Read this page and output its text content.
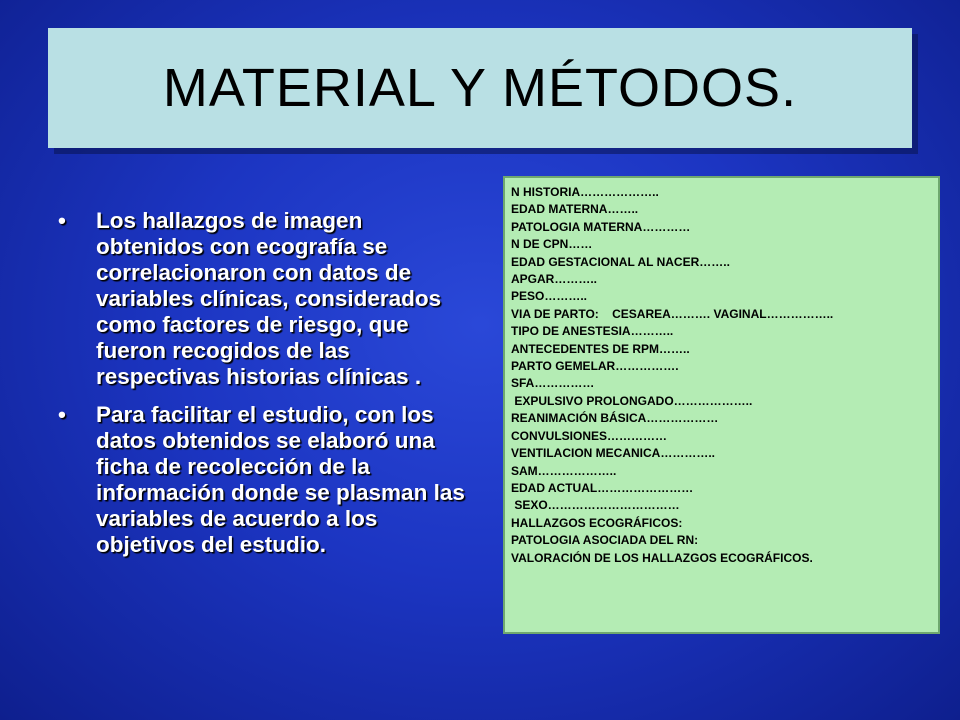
MATERIAL Y MÉTODOS.
• Los hallazgos de imagen obtenidos con ecografía se correlacionaron con datos de variables clínicas, considerados como factores de riesgo, que fueron recogidos de las respectivas historias clínicas .
• Para facilitar el estudio, con los datos obtenidos se elaboró una ficha de recolección de la información donde se plasman las variables de acuerdo a los objetivos del estudio.
N HISTORIA………………..
EDAD MATERNA……..
PATOLOGIA MATERNA…………
N DE CPN……
EDAD GESTACIONAL AL NACER……..
APGAR………..
PESO………..
VIA DE PARTO:    CESAREA………. VAGINAL……………..
TIPO DE ANESTESIA………..
ANTECEDENTES DE RPM……..
PARTO GEMELAR…………….
SFA……………
EXPULSIVO PROLONGADO………………..
REANIMACIÓN BÁSICA………………
CONVULSIONES……………
VENTILACION MECANICA…………..
SAM………………..
EDAD ACTUAL……………………
SEXO……………………………
HALLAZGOS ECOGRÁFICOS:
PATOLOGIA ASOCIADA DEL RN:
VALORACIÓN DE LOS HALLAZGOS ECOGRÁFICOS.
